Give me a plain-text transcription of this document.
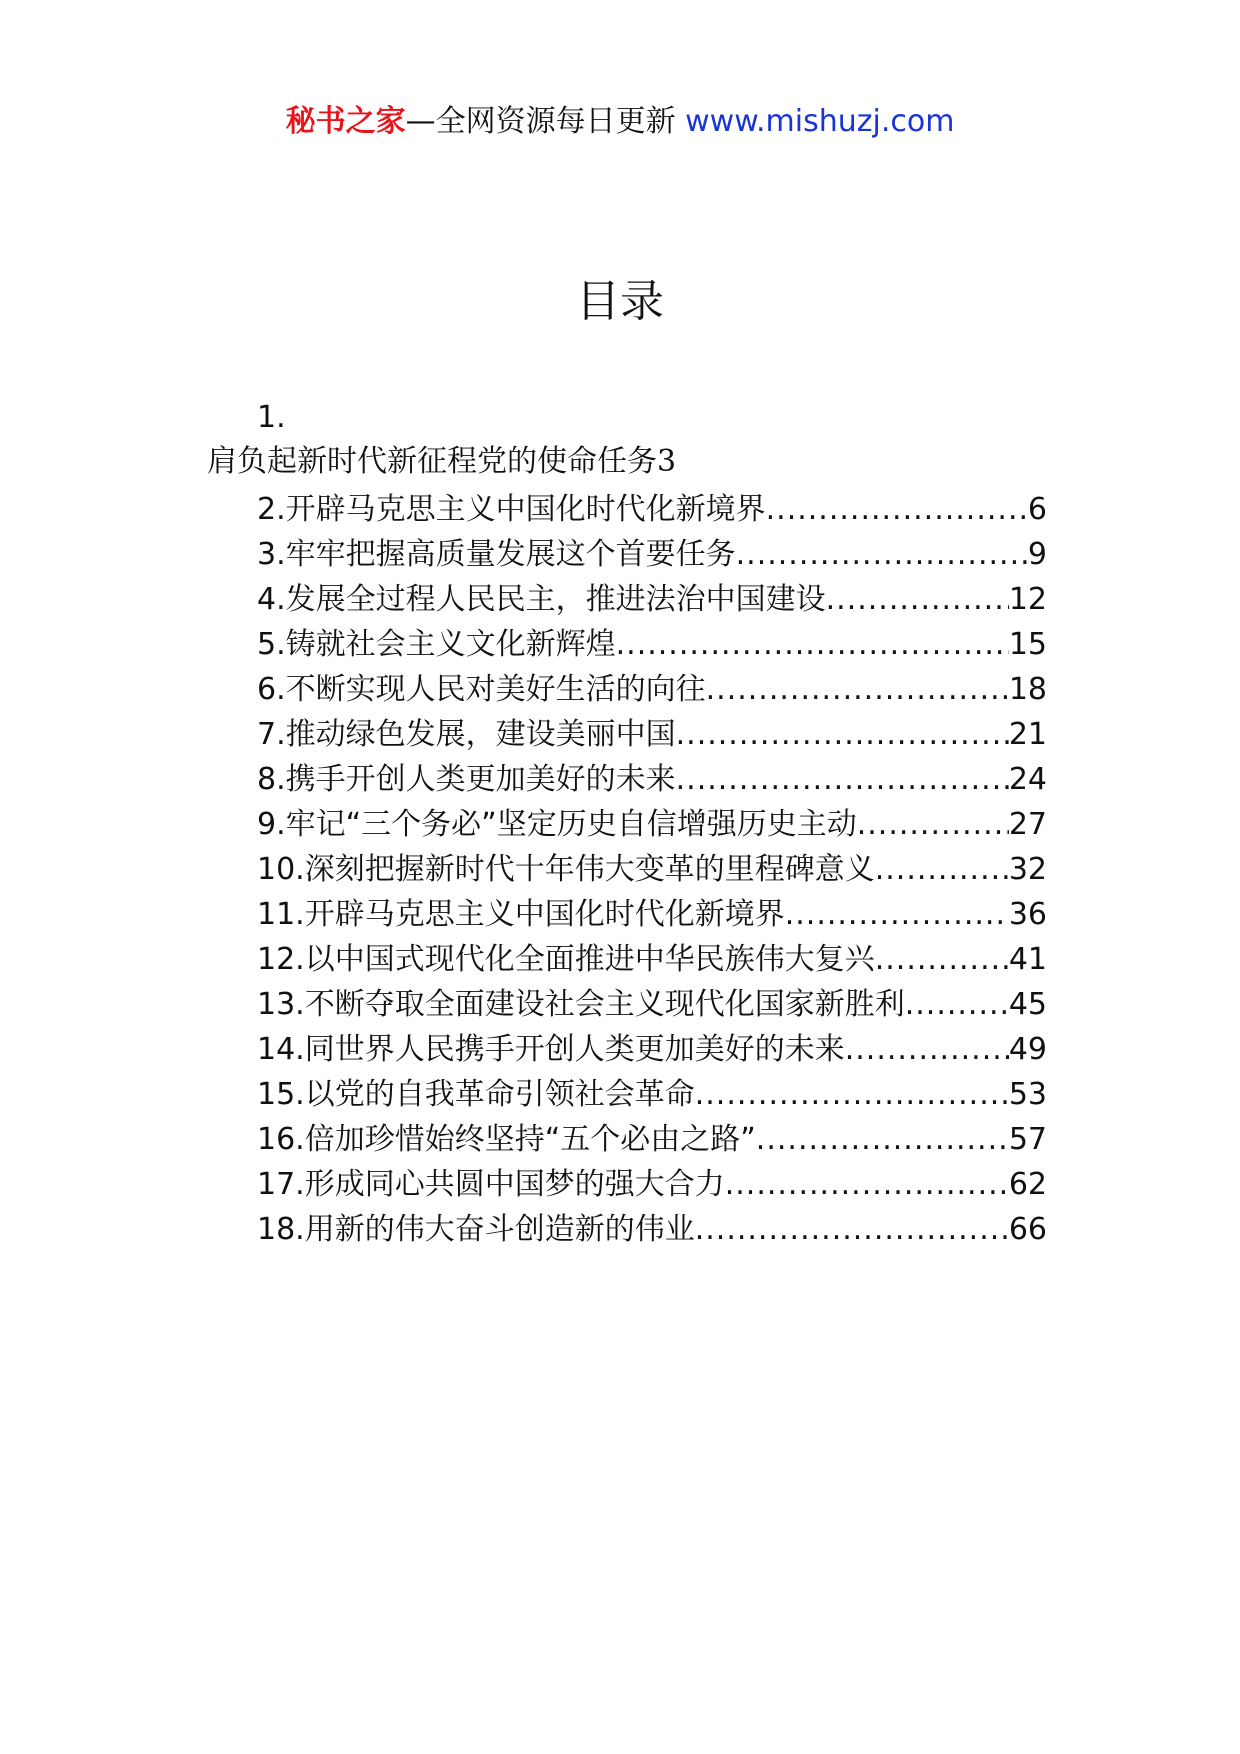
秘书之家—全网资源每日更新 www.mishuzj.com
目录
1.
肩负起新时代新征程党的使命任务3
2.开辟马克思主义中国化时代化新境界 .....	6
3.牢牢把握高质量发展这个首要任务 .....	9
4.发展全过程人民民主，推进法治中国建设 .....	12
5.铸就社会主义文化新辉煌 .....	15
6.不断实现人民对美好生活的向往 .....	18
7.推动绿色发展，建设美丽中国 .....	21
8.携手开创人类更加美好的未来 .....	24
9.牢记“三个务必”坚定历史自信增强历史主动 .....	27
10.深刻把握新时代十年伟大变革的里程碑意义 .....	32
11.开辟马克思主义中国化时代化新境界 .....	36
12.以中国式现代化全面推进中华民族伟大复兴 .....	41
13.不断夺取全面建设社会主义现代化国家新胜利 .....	45
14.同世界人民携手开创人类更加美好的未来 .....	49
15.以党的自我革命引领社会革命 .....	53
16.倍加珍惜始终坚持“五个必由之路” .....	57
17.形成同心共圆中国梦的强大合力 .....	62
18.用新的伟大奋斗创造新的伟业 .....	66
